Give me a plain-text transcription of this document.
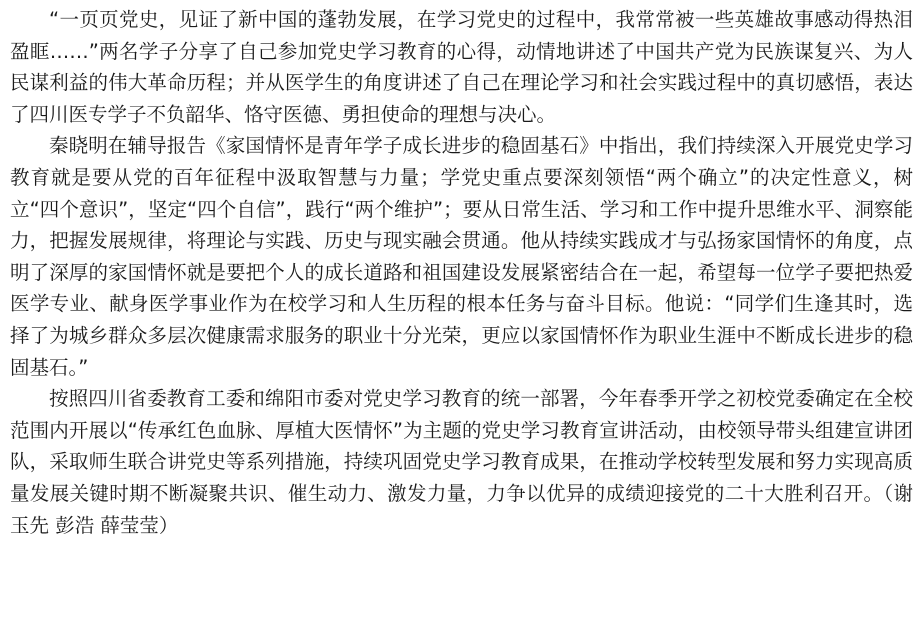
“一页页党史，见证了新中国的蓬勃发展，在学习党史的过程中，我常常被一些英雄故事感动得热泪盈眶……”两名学子分享了自己参加党史学习教育的心得，动情地讲述了中国共产党为民族谋复兴、为人民谋利益的伟大革命历程；并从医学生的角度讲述了自己在理论学习和社会实践过程中的真切感悟，表达了四川医专学子不负韶华、恪守医德、勇担使命的理想与决心。

秦晓明在辅导报告《家国情怀是青年学子成长进步的稳固基石》中指出，我们持续深入开展党史学习教育就是要从党的百年征程中汲取智慧与力量；学党史重点要深刻领悟“两个确立”的决定性意义，树立“四个意识”，坚定“四个自信”，践行“两个维护”；要从日常生活、学习和工作中提升思维水平、洞察能力，把握发展规律，将理论与实践、历史与现实融会贯通。他从持续实践成才与弘扬家国情怀的角度，点明了深厚的家国情怀就是要把个人的成长道路和祖国建设发展紧密结合在一起，希望每一位学子要把热爱医学专业、献身医学事业作为在校学习和人生历程的根本任务与奋斗目标。他说：“同学们生逢其时，选择了为城乡群众多层次健康需求服务的职业十分光荣，更应以家国情怀作为职业生涯中不断成长进步的稳固基石。”

按照四川省委教育工委和绵阳市委对党史学习教育的统一部署，今年春季开学之初校党委确定在全校范围内开展以“传承红色血脉、厚植大医情怀”为主题的党史学习教育宣讲活动，由校领导带头组建宣讲团队，采取师生联合讲党史等系列措施，持续巩固党史学习教育成果，在推动学校转型发展和努力实现高质量发展关键时期不断凝聚共识、催生动力、激发力量，力争以优异的成绩迎接党的二十大胜利召开。（谢玉先 彭浩 薛莹莹）
